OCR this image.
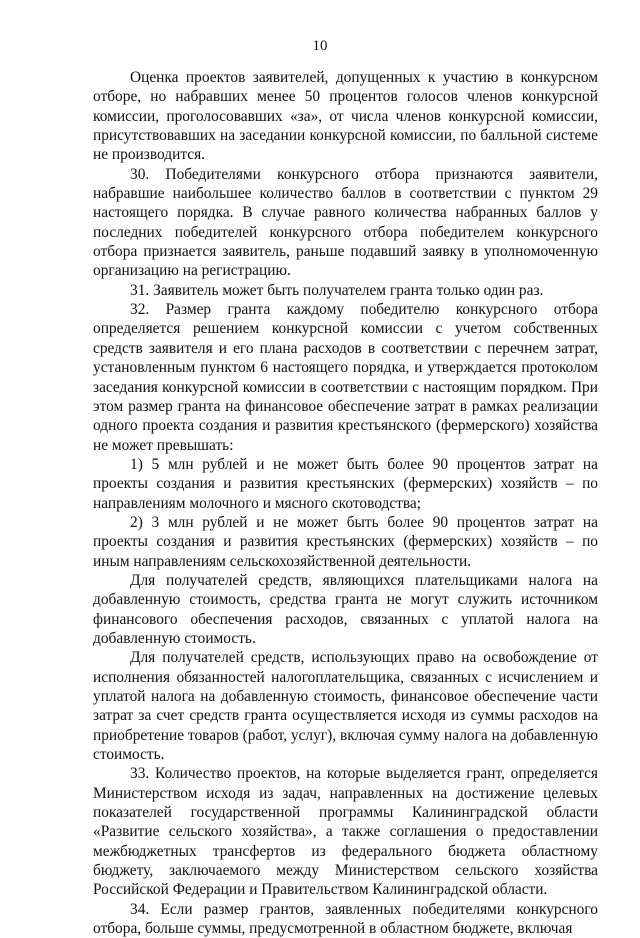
10

Оценка проектов заявителей, допущенных к участию в конкурсном отборе, но набравших менее 50 процентов голосов членов конкурсной комиссии, проголосовавших «за», от числа членов конкурсной комиссии, присутствовавших на заседании конкурсной комиссии, по балльной системе не производится.

30. Победителями конкурсного отбора признаются заявители, набравшие наибольшее количество баллов в соответствии с пунктом 29 настоящего порядка. В случае равного количества набранных баллов у последних победителей конкурсного отбора победителем конкурсного отбора признается заявитель, раньше подавший заявку в уполномоченную организацию на регистрацию.

31. Заявитель может быть получателем гранта только один раз.

32. Размер гранта каждому победителю конкурсного отбора определяется решением конкурсной комиссии с учетом собственных средств заявителя и его плана расходов в соответствии с перечнем затрат, установленным пунктом 6 настоящего порядка, и утверждается протоколом заседания конкурсной комиссии в соответствии с настоящим порядком. При этом размер гранта на финансовое обеспечение затрат в рамках реализации одного проекта создания и развития крестьянского (фермерского) хозяйства не может превышать:

1) 5 млн рублей и не может быть более 90 процентов затрат на проекты создания и развития крестьянских (фермерских) хозяйств – по направлениям молочного и мясного скотоводства;

2) 3 млн рублей и не может быть более 90 процентов затрат на проекты создания и развития крестьянских (фермерских) хозяйств – по иным направлениям сельскохозяйственной деятельности.

Для получателей средств, являющихся плательщиками налога на добавленную стоимость, средства гранта не могут служить источником финансового обеспечения расходов, связанных с уплатой налога на добавленную стоимость.

Для получателей средств, использующих право на освобождение от исполнения обязанностей налогоплательщика, связанных с исчислением и уплатой налога на добавленную стоимость, финансовое обеспечение части затрат за счет средств гранта осуществляется исходя из суммы расходов на приобретение товаров (работ, услуг), включая сумму налога на добавленную стоимость.

33. Количество проектов, на которые выделяется грант, определяется Министерством исходя из задач, направленных на достижение целевых показателей государственной программы Калининградской области «Развитие сельского хозяйства», а также соглашения о предоставлении межбюджетных трансфертов из федерального бюджета областному бюджету, заключаемого между Министерством сельского хозяйства Российской Федерации и Правительством Калининградской области.

34. Если размер грантов, заявленных победителями конкурсного отбора, больше суммы, предусмотренной в областном бюджете, включая
